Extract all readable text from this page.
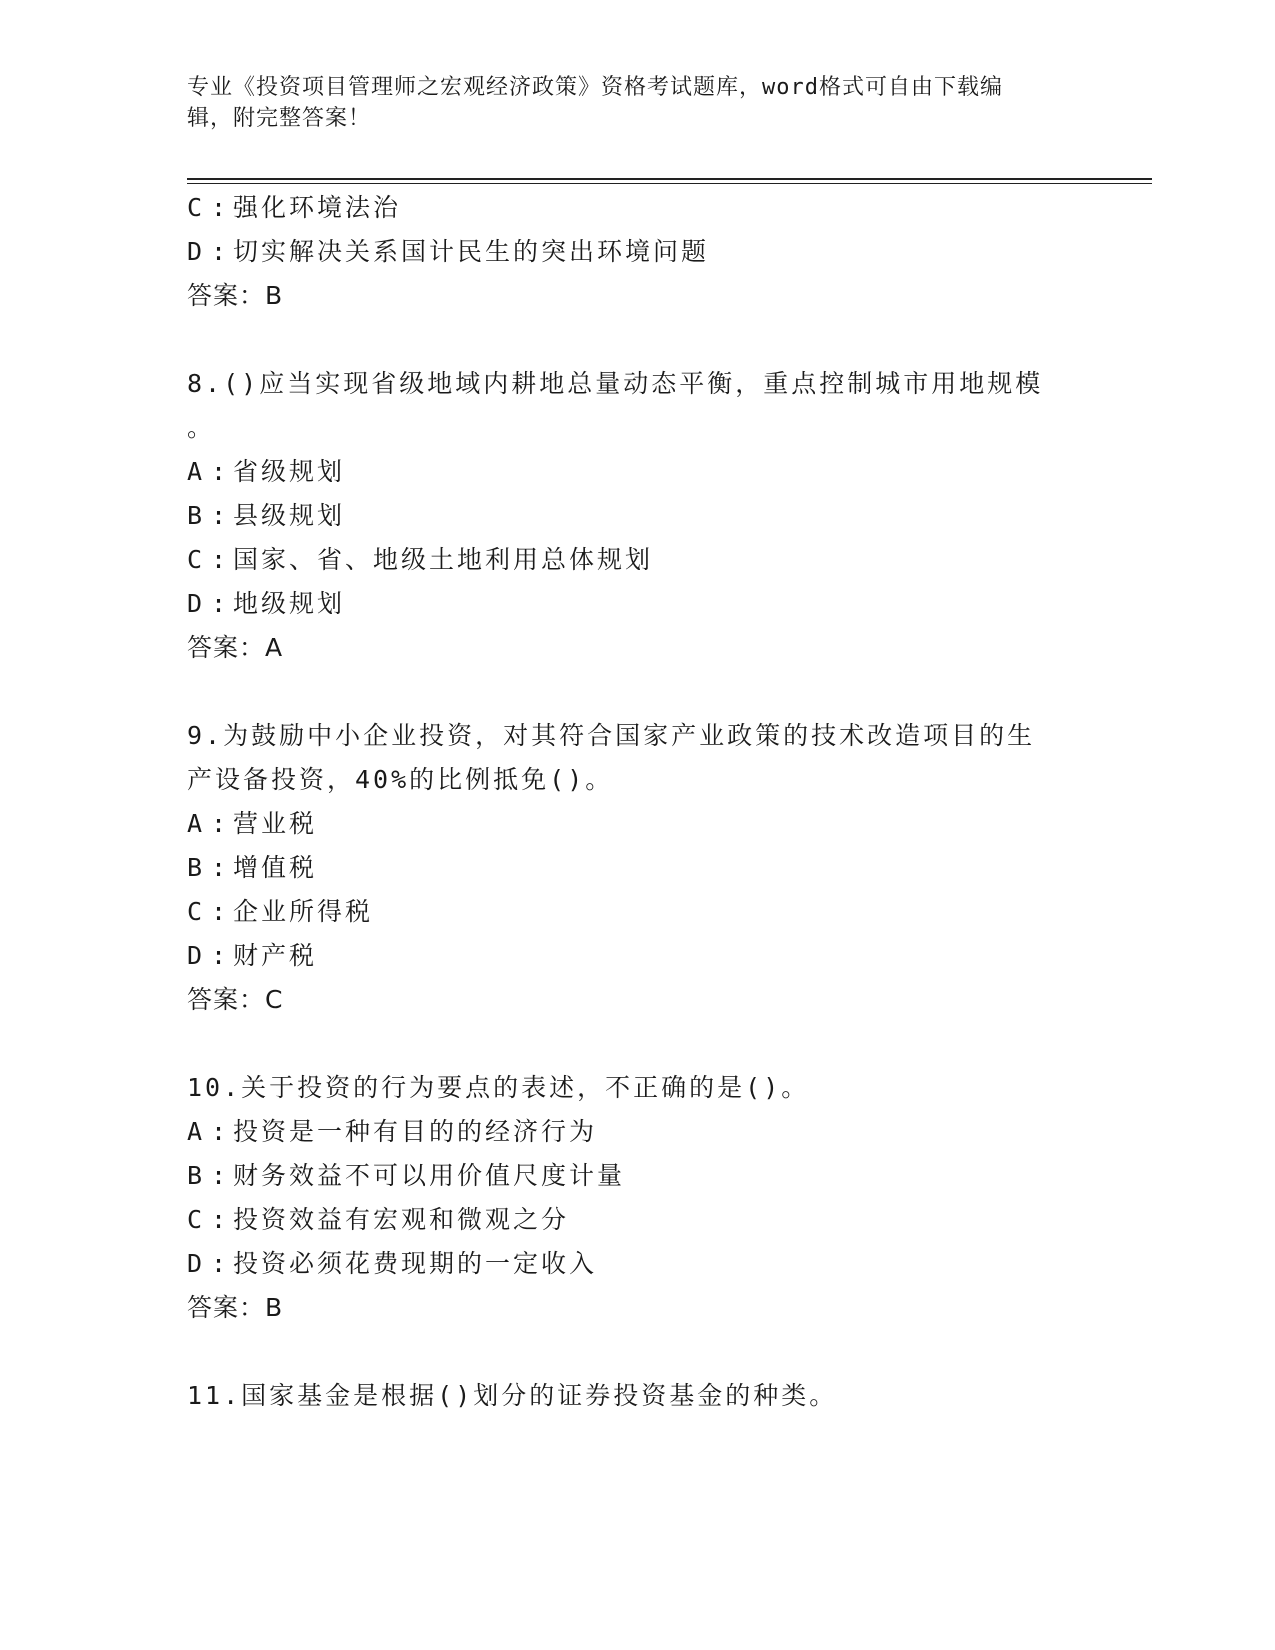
专业《投资项目管理师之宏观经济政策》资格考试题库，word格式可自由下载编
辑，附完整答案！
C : 强化环境法治
D : 切实解决关系国计民生的突出环境问题
答案：B
8.()应当实现省级地域内耕地总量动态平衡，重点控制城市用地规模
。
A : 省级规划
B : 县级规划
C : 国家、省、地级土地利用总体规划
D : 地级规划
答案：A
9.为鼓励中小企业投资，对其符合国家产业政策的技术改造项目的生
产设备投资，40%的比例抵免()。
A : 营业税
B : 增值税
C : 企业所得税
D : 财产税
答案：C
10.关于投资的行为要点的表述，不正确的是()。
A : 投资是一种有目的的经济行为
B : 财务效益不可以用价值尺度计量
C : 投资效益有宏观和微观之分
D : 投资必须花费现期的一定收入
答案：B
11.国家基金是根据()划分的证券投资基金的种类。
